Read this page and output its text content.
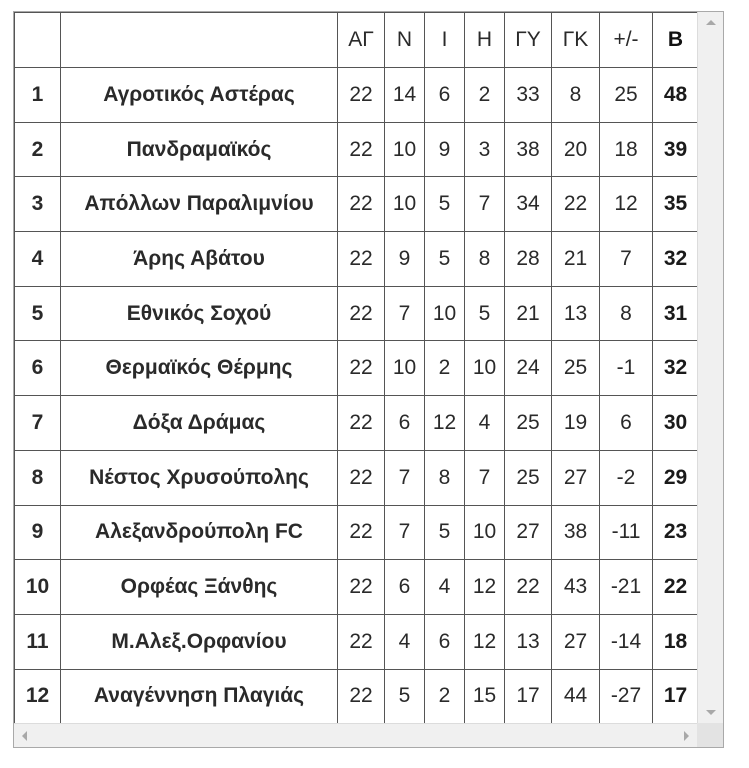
		ΑΓ	Ν	Ι	Η	ΓΥ	ΓΚ	+/-	Β
1	Αγροτικός Αστέρας	22	14	6	2	33	8	25	48
2	Πανδραμαϊκός	22	10	9	3	38	20	18	39
3	Απόλλων Παραλιμνίου	22	10	5	7	34	22	12	35
4	Άρης Αβάτου	22	9	5	8	28	21	7	32
5	Εθνικός Σοχού	22	7	10	5	21	13	8	31
6	Θερμαϊκός Θέρμης	22	10	2	10	24	25	-1	32
7	Δόξα Δράμας	22	6	12	4	25	19	6	30
8	Νέστος Χρυσούπολης	22	7	8	7	25	27	-2	29
9	Αλεξανδρούπολη FC	22	7	5	10	27	38	-11	23
10	Ορφέας Ξάνθης	22	6	4	12	22	43	-21	22
11	Μ.Αλεξ.Ορφανίου	22	4	6	12	13	27	-14	18
12	Αναγέννηση Πλαγιάς	22	5	2	15	17	44	-27	17
